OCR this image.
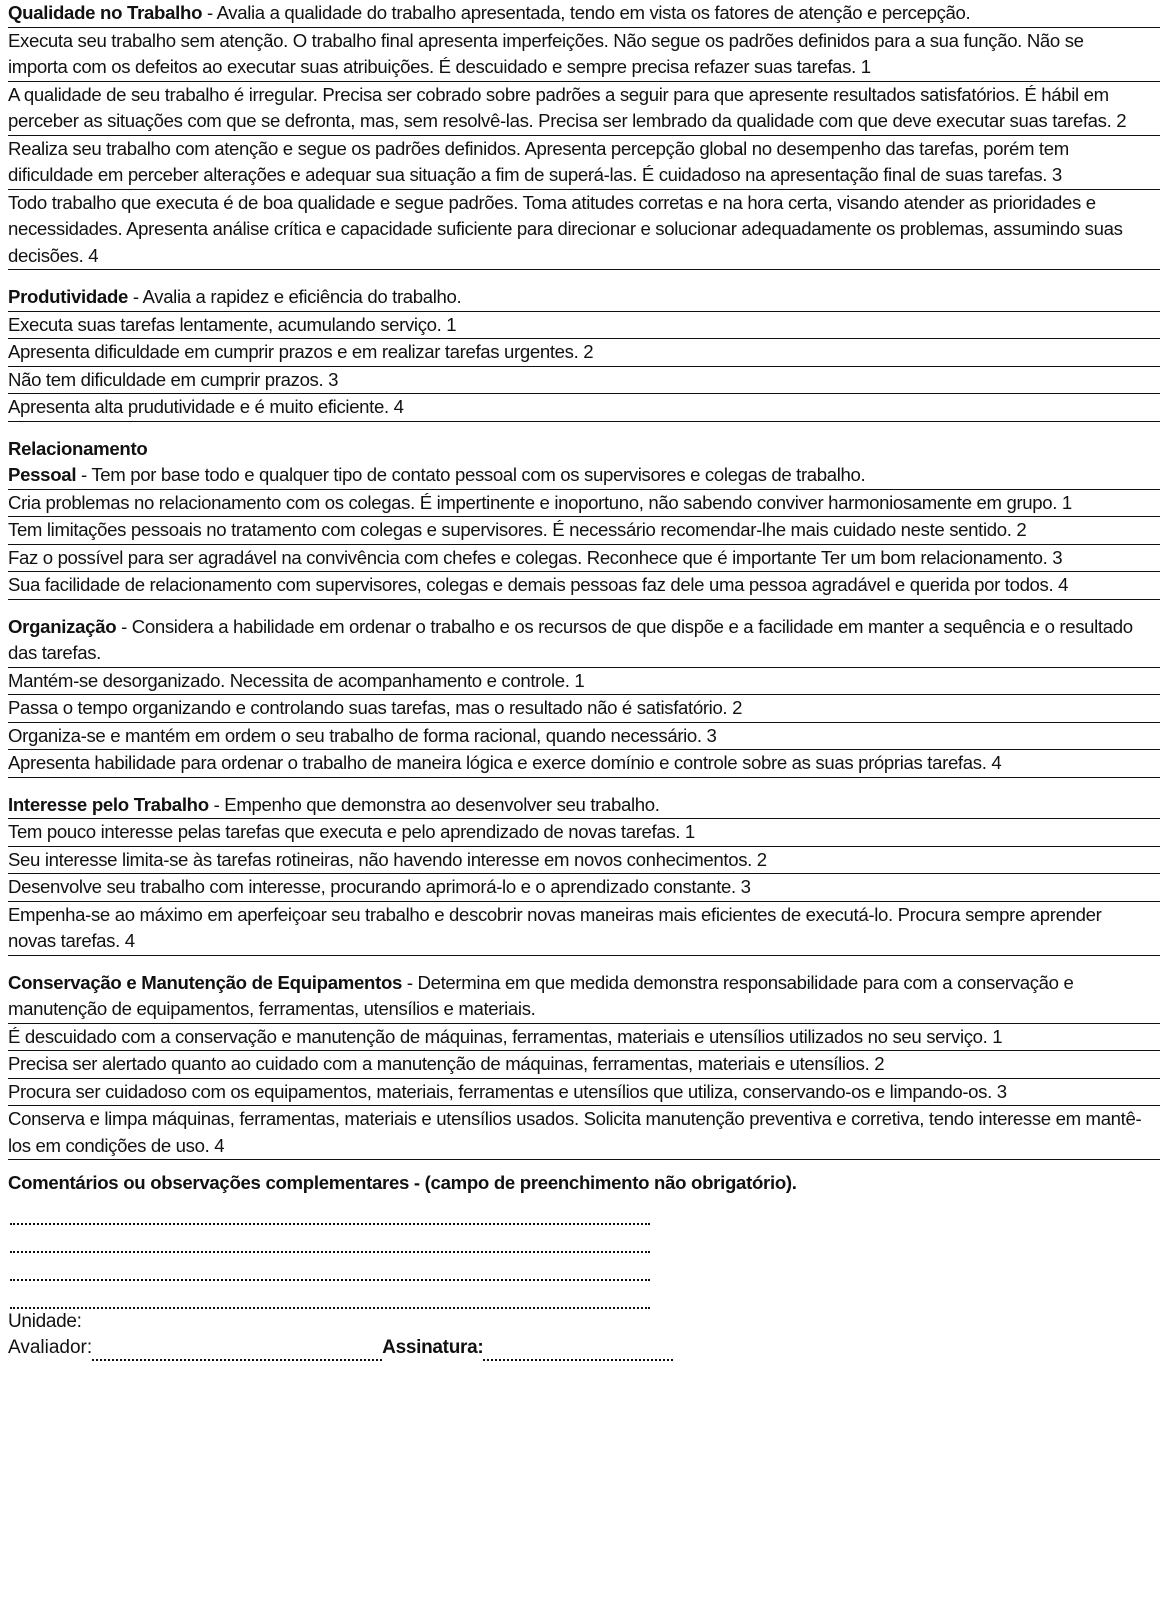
Qualidade no Trabalho - Avalia a qualidade do trabalho apresentada, tendo em vista os fatores de atenção e percepção.
Executa seu trabalho sem atenção. O trabalho final apresenta imperfeições. Não segue os padrões definidos para a sua função. Não se importa com os defeitos ao executar suas atribuições. É descuidado e sempre precisa refazer suas tarefas. 1
A qualidade de seu trabalho é irregular. Precisa ser cobrado sobre padrões a seguir para que apresente resultados satisfatórios. É hábil em perceber as situações com que se defronta, mas, sem resolvê-las. Precisa ser lembrado da qualidade com que deve executar suas tarefas. 2
Realiza seu trabalho com atenção e segue os padrões definidos. Apresenta percepção global no desempenho das tarefas, porém tem dificuldade em perceber alterações e adequar sua situação a fim de superá-las. É cuidadoso na apresentação final de suas tarefas. 3
Todo trabalho que executa é de boa qualidade e segue padrões. Toma atitudes corretas e na hora certa, visando atender as prioridades e necessidades. Apresenta análise crítica e capacidade suficiente para direcionar e solucionar adequadamente os problemas, assumindo suas decisões. 4
Produtividade - Avalia a rapidez e eficiência do trabalho.
Executa suas tarefas lentamente, acumulando serviço. 1
Apresenta dificuldade em cumprir prazos e em realizar tarefas urgentes. 2
Não tem dificuldade em cumprir prazos. 3
Apresenta alta prudutividade e é muito eficiente. 4
Relacionamento
Pessoal - Tem por base todo e qualquer tipo de contato pessoal com os supervisores e colegas de trabalho.
Cria problemas no relacionamento com os colegas. É impertinente e inoportuno, não sabendo conviver harmoniosamente em grupo. 1
Tem limitações pessoais no tratamento com colegas e supervisores. É necessário recomendar-lhe mais cuidado neste sentido. 2
Faz o possível para ser agradável na convivência com chefes e colegas. Reconhece que é importante Ter um bom relacionamento. 3
Sua facilidade de relacionamento com supervisores, colegas e demais pessoas faz dele uma pessoa agradável e querida por todos. 4
Organização - Considera a habilidade em ordenar o trabalho e os recursos de que dispõe e a facilidade em manter a sequência e o resultado das tarefas.
Mantém-se desorganizado. Necessita de acompanhamento e controle. 1
Passa o tempo organizando e controlando suas tarefas, mas o resultado não é satisfatório. 2
Organiza-se e mantém em ordem o seu trabalho de forma racional, quando necessário. 3
Apresenta habilidade para ordenar o trabalho de maneira lógica e exerce domínio e controle sobre as suas próprias tarefas. 4
Interesse pelo Trabalho - Empenho que demonstra ao desenvolver seu trabalho.
Tem pouco interesse pelas tarefas que executa e pelo aprendizado de novas tarefas. 1
Seu interesse limita-se às tarefas rotineiras, não havendo interesse em novos conhecimentos. 2
Desenvolve seu trabalho com interesse, procurando aprimorá-lo e o aprendizado constante. 3
Empenha-se ao máximo em aperfeiçoar seu trabalho e descobrir novas maneiras mais eficientes de executá-lo. Procura sempre aprender novas tarefas. 4
Conservação e Manutenção de Equipamentos - Determina em que medida demonstra responsabilidade para com a conservação e manutenção de equipamentos, ferramentas, utensílios e materiais.
É descuidado com a conservação e manutenção de máquinas, ferramentas, materiais e utensílios utilizados no seu serviço. 1
Precisa ser alertado quanto ao cuidado com a manutenção de máquinas, ferramentas, materiais e utensílios. 2
Procura ser cuidadoso com os equipamentos, materiais, ferramentas e utensílios que utiliza, conservando-os e limpando-os. 3
Conserva e limpa máquinas, ferramentas, materiais e utensílios usados. Solicita manutenção preventiva e corretiva, tendo interesse em mantê-los em condições de uso. 4
Comentários ou observações complementares - (campo de preenchimento não obrigatório).
Unidade:
Avaliador:	Assinatura:
